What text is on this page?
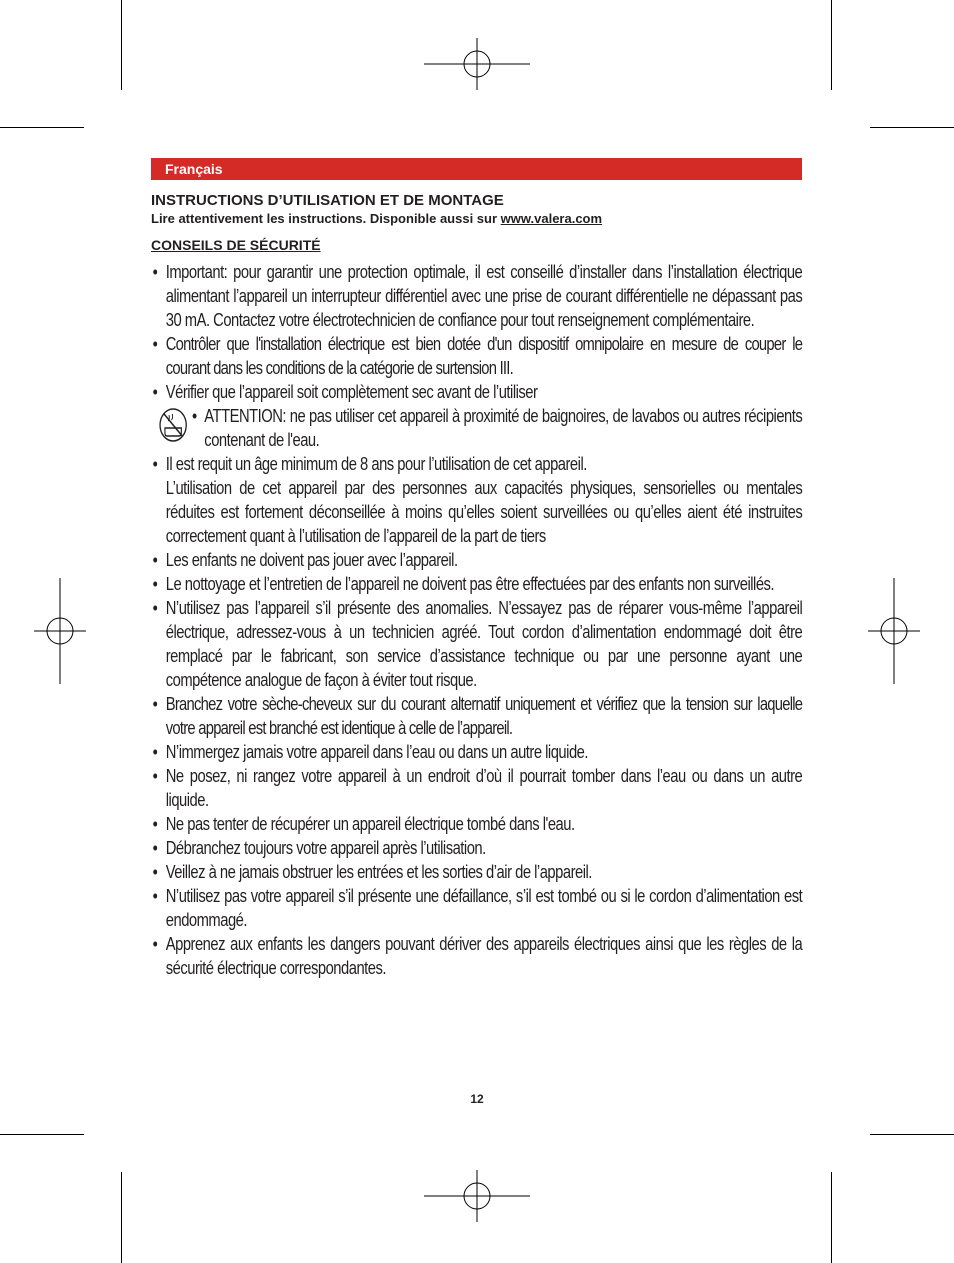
Français
INSTRUCTIONS D’UTILISATION ET DE MONTAGE
Lire attentivement les instructions. Disponible aussi sur www.valera.com
CONSEILS DE SÉCURITÉ
• Important: pour garantir une protection optimale, il est conseillé d’installer dans l’installation électrique alimentant l’appareil un interrupteur différentiel avec une prise de courant différentielle ne dépassant pas 30 mA. Contactez votre électrotechnicien de confiance pour tout renseignement complémentaire.
• Contrôler que l'installation électrique est bien dotée d'un dispositif omnipolaire en mesure de couper le courant dans les conditions de la catégorie de surtension III.
• Vérifier que l’appareil soit complètement sec avant de l’utiliser
• ATTENTION: ne pas utiliser cet appareil à proximité de baignoires, de lavabos ou autres récipients contenant de l'eau.
• Il est requit un âge minimum de 8 ans pour l’utilisation de cet appareil.
L’utilisation de cet appareil par des personnes aux capacités physiques, sensorielles ou mentales réduites est fortement déconseillée à moins qu’elles soient surveillées ou qu’elles aient été instruites correctement quant à l’utilisation de l’appareil de la part de tiers
• Les enfants ne doivent pas jouer avec l’appareil.
• Le nottoyage et l’entretien de l’appareil ne doivent pas être effectuées par des enfants non surveillés.
• N’utilisez pas l’appareil s’il présente des anomalies. N’essayez pas de réparer vous-même l’appareil électrique, adressez-vous à un technicien agréé. Tout cordon d’alimentation endommagé doit être remplacé par le fabricant, son service d’assistance technique ou par une personne ayant une compétence analogue de façon à éviter tout risque.
• Branchez votre sèche-cheveux sur du courant alternatif uniquement et vérifiez que la tension sur laquelle votre appareil est branché est identique à celle de l’appareil.
• N’immergez jamais votre appareil dans l’eau ou dans un autre liquide.
• Ne posez, ni rangez votre appareil à un endroit d’où il pourrait tomber dans l’eau ou dans un autre liquide.
• Ne pas tenter de récupérer un appareil électrique tombé dans l'eau.
• Débranchez toujours votre appareil après l’utilisation.
• Veillez à ne jamais obstruer les entrées et les sorties d’air de l’appareil.
• N’utilisez pas votre appareil s’il présente une défaillance, s’il est tombé ou si le cordon d’alimentation est endommagé.
• Apprenez aux enfants les dangers pouvant dériver des appareils électriques ainsi que les règles de la sécurité électrique correspondantes.
12
